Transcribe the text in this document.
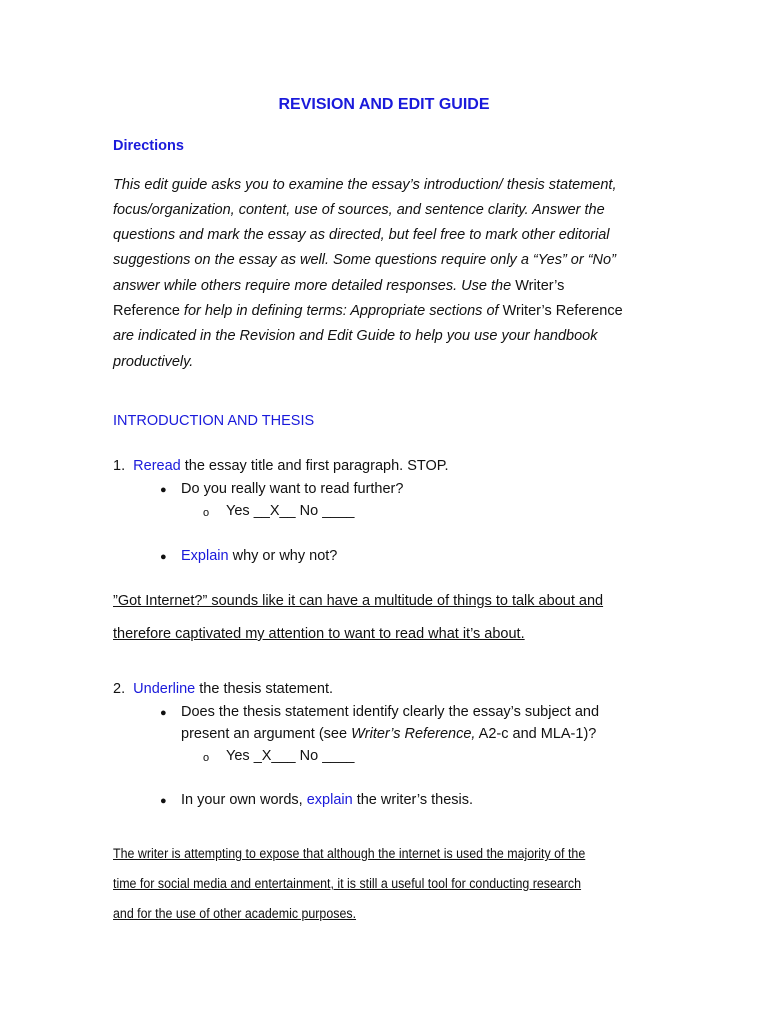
REVISION AND EDIT GUIDE
Directions
This edit guide asks you to examine the essay’s introduction/ thesis statement,
focus/organization, content, use of sources, and sentence clarity. Answer the
questions and mark the essay as directed, but feel free to mark other editorial
suggestions on the essay as well. Some questions require only a “Yes” or “No”
answer while others require more detailed responses. Use the Writer’s
Reference for help in defining terms: Appropriate sections of Writer’s Reference
are indicated in the Revision and Edit Guide to help you use your handbook
productively.
INTRODUCTION AND THESIS
1. Reread the essay title and first paragraph. STOP.
● Do you really want to read further?
o Yes __X__ No ____
● Explain why or why not?
”Got Internet?” sounds like it can have a multitude of things to talk about and
therefore captivated my attention to want to read what it’s about.
2. Underline the thesis statement.
● Does the thesis statement identify clearly the essay’s subject and
present an argument (see Writer’s Reference, A2-c and MLA-1)?
o Yes _X___ No ____
● In your own words, explain the writer’s thesis.
The writer is attempting to expose that although the internet is used the majority of the
time for social media and entertainment, it is still a useful tool for conducting research
and for the use of other academic purposes.
